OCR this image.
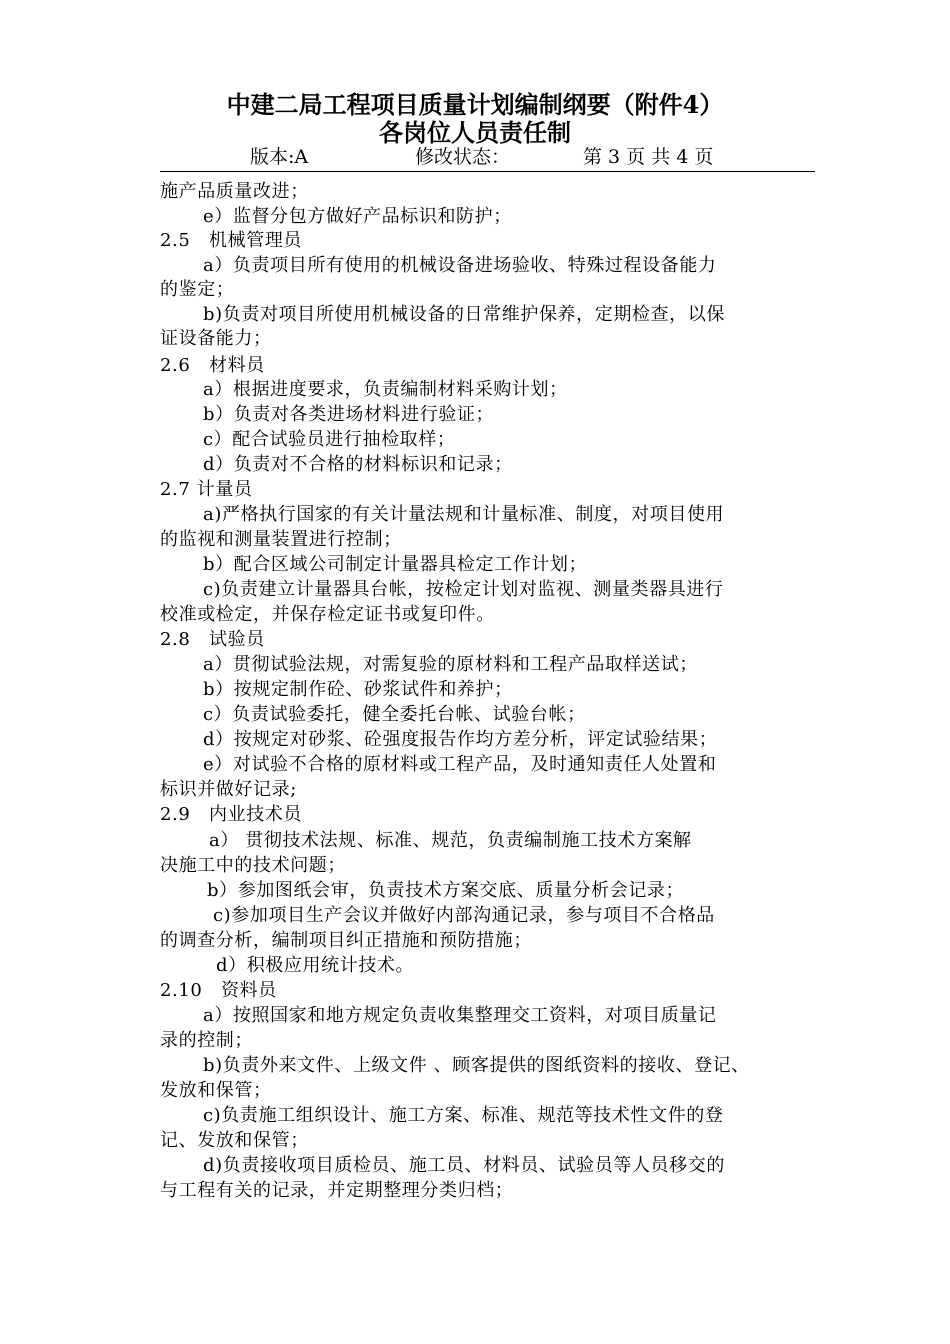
中建二局工程项目质量计划编制纲要（附件4）
各岗位人员责任制
版本:A	修改状态：	第 3 页 共 4 页
施产品质量改进；
e）监督分包方做好产品标识和防护；
2.5　机械管理员
a）负责项目所有使用的机械设备进场验收、特殊过程设备能力
的鉴定；
b)负责对项目所使用机械设备的日常维护保养，定期检查，以保
证设备能力；
2.6　材料员
a）根据进度要求，负责编制材料采购计划；
b）负责对各类进场材料进行验证；
c）配合试验员进行抽检取样；
d）负责对不合格的材料标识和记录；
2.7 计量员
a)严格执行国家的有关计量法规和计量标准、制度，对项目使用
的监视和测量装置进行控制；
b）配合区域公司制定计量器具检定工作计划；
c)负责建立计量器具台帐，按检定计划对监视、测量类器具进行
校准或检定，并保存检定证书或复印件。
2.8　试验员
a）贯彻试验法规，对需复验的原材料和工程产品取样送试；
b）按规定制作砼、砂浆试件和养护；
c）负责试验委托，健全委托台帐、试验台帐；
d）按规定对砂浆、砼强度报告作均方差分析，评定试验结果；
e）对试验不合格的原材料或工程产品，及时通知责任人处置和
标识并做好记录;
2.9　内业技术员
a） 贯彻技术法规、标准、规范，负责编制施工技术方案解
决施工中的技术问题；
b）参加图纸会审，负责技术方案交底、质量分析会记录；
c)参加项目生产会议并做好内部沟通记录，参与项目不合格品
的调查分析，编制项目纠正措施和预防措施；
d）积极应用统计技术。
2.10　资料员
a）按照国家和地方规定负责收集整理交工资料，对项目质量记
录的控制；
b)负责外来文件、上级文件 、顾客提供的图纸资料的接收、登记、
发放和保管；
c)负责施工组织设计、施工方案、标准、规范等技术性文件的登
记、发放和保管；
d)负责接收项目质检员、施工员、材料员、试验员等人员移交的
与工程有关的记录，并定期整理分类归档；
